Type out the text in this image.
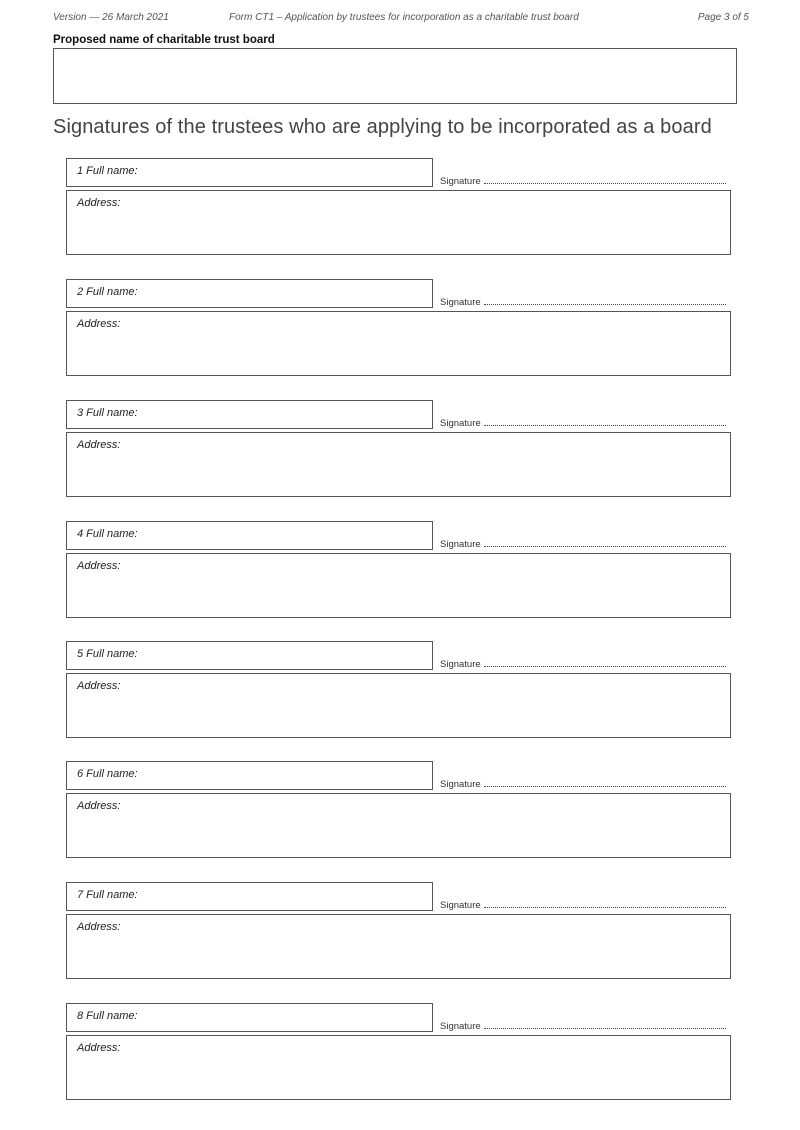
Version — 26 March 2021	Form CT1 – Application by trustees for incorporation as a charitable trust board	Page 3 of 5
Proposed name of charitable trust board
Signatures of the trustees who are applying to be incorporated as a board
1 Full name:
Signature
Address:
2 Full name:
Signature
Address:
3 Full name:
Signature
Address:
4 Full name:
Signature
Address:
5 Full name:
Signature
Address:
6 Full name:
Signature
Address:
7 Full name:
Signature
Address:
8 Full name:
Signature
Address:
